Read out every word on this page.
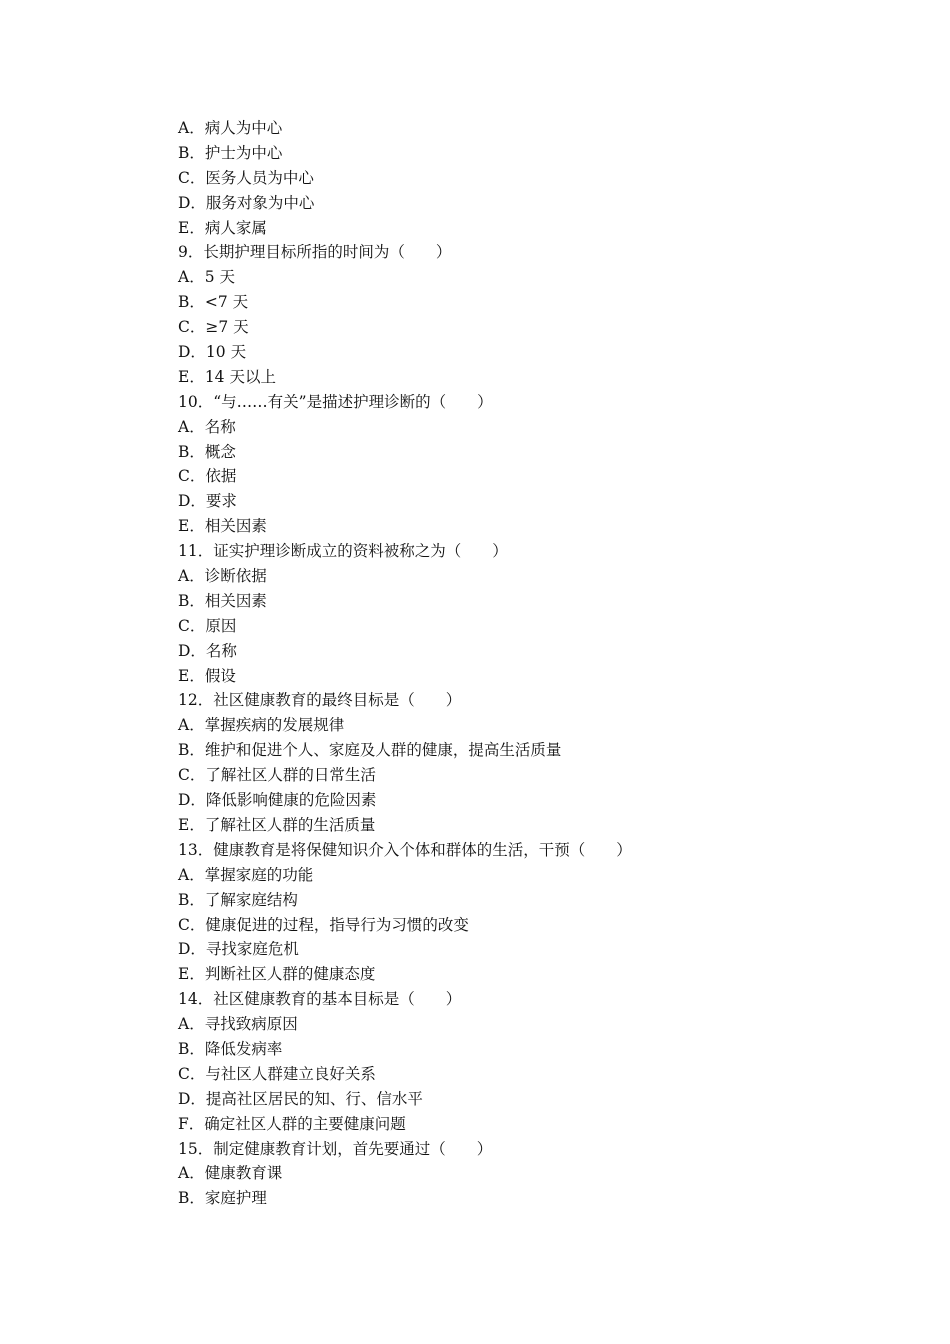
A．病人为中心
B．护士为中心
C．医务人员为中心
D．服务对象为中心
E．病人家属
9．长期护理目标所指的时间为（　　）
A．5 天
B．<7 天
C．≥7 天
D．10 天
E．14 天以上
10．“与……有关”是描述护理诊断的（　　）
A．名称
B．概念
C．依据
D．要求
E．相关因素
11．证实护理诊断成立的资料被称之为（　　）
A．诊断依据
B．相关因素
C．原因
D．名称
E．假设
12．社区健康教育的最终目标是（　　）
A．掌握疾病的发展规律
B．维护和促进个人、家庭及人群的健康，提高生活质量
C．了解社区人群的日常生活
D．降低影响健康的危险因素
E．了解社区人群的生活质量
13．健康教育是将保健知识介入个体和群体的生活，干预（　　）
A．掌握家庭的功能
B．了解家庭结构
C．健康促进的过程，指导行为习惯的改变
D．寻找家庭危机
E．判断社区人群的健康态度
14．社区健康教育的基本目标是（　　）
A．寻找致病原因
B．降低发病率
C．与社区人群建立良好关系
D．提高社区居民的知、行、信水平
F．确定社区人群的主要健康问题
15．制定健康教育计划，首先要通过（　　）
A．健康教育课
B．家庭护理
